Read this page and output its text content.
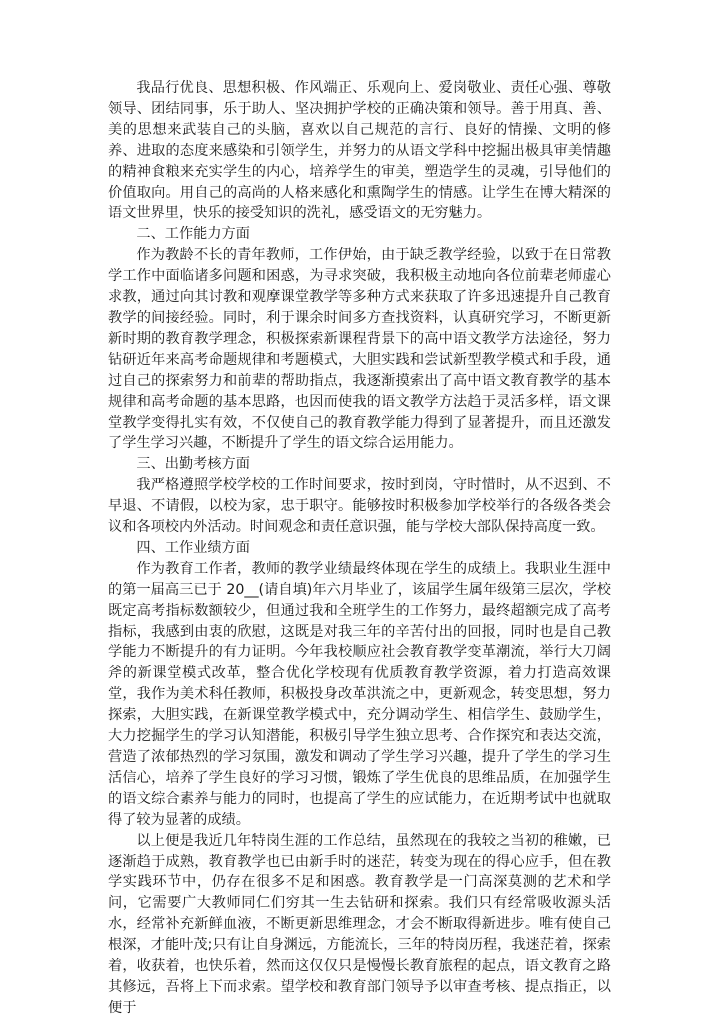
我品行优良、思想积极、作风端正、乐观向上、爱岗敬业、责任心强、尊敬领导、团结同事，乐于助人、坚决拥护学校的正确决策和领导。善于用真、善、美的思想来武装自己的头脑，喜欢以自己规范的言行、良好的情操、文明的修养、进取的态度来感染和引领学生，并努力的从语文学科中挖掘出极具审美情趣的精神食粮来充实学生的内心，培养学生的审美，塑造学生的灵魂，引导他们的价值取向。用自己的高尚的人格来感化和熏陶学生的情感。让学生在博大精深的语文世界里，快乐的接受知识的洗礼，感受语文的无穷魅力。

二、工作能力方面

作为教龄不长的青年教师，工作伊始，由于缺乏教学经验，以致于在日常教学工作中面临诸多问题和困惑，为寻求突破，我积极主动地向各位前辈老师虚心求教，通过向其讨教和观摩课堂教学等多种方式来获取了许多迅速提升自己教育教学的间接经验。同时，利于课余时间多方查找资料，认真研究学习，不断更新新时期的教育教学理念，积极探索新课程背景下的高中语文教学方法途径，努力钻研近年来高考命题规律和考题模式，大胆实践和尝试新型教学模式和手段，通过自己的探索努力和前辈的帮助指点，我逐渐摸索出了高中语文教育教学的基本规律和高考命题的基本思路，也因而使我的语文教学方法趋于灵活多样，语文课堂教学变得扎实有效，不仅使自己的教育教学能力得到了显著提升，而且还激发了学生学习兴趣，不断提升了学生的语文综合运用能力。

三、出勤考核方面

我严格遵照学校学校的工作时间要求，按时到岗，守时惜时，从不迟到、不早退、不请假，以校为家，忠于职守。能够按时积极参加学校举行的各级各类会议和各项校内外活动。时间观念和责任意识强，能与学校大部队保持高度一致。

四、工作业绩方面

作为教育工作者，教师的教学业绩最终体现在学生的成绩上。我职业生涯中的第一届高三已于 20__(请自填)年六月毕业了，该届学生属年级第三层次，学校既定高考指标数额较少，但通过我和全班学生的工作努力，最终超额完成了高考指标，我感到由衷的欣慰，这既是对我三年的辛苦付出的回报，同时也是自己教学能力不断提升的有力证明。今年我校顺应社会教育教学变革潮流，举行大刀阔斧的新课堂模式改革，整合优化学校现有优质教育教学资源，着力打造高效课堂，我作为美术科任教师，积极投身改革洪流之中，更新观念，转变思想，努力探索，大胆实践，在新课堂教学模式中，充分调动学生、相信学生、鼓励学生，大力挖掘学生的学习认知潜能，积极引导学生独立思考、合作探究和表达交流，营造了浓郁热烈的学习氛围，激发和调动了学生学习兴趣，提升了学生的学习生活信心，培养了学生良好的学习习惯，锻炼了学生优良的思维品质，在加强学生的语文综合素养与能力的同时，也提高了学生的应试能力，在近期考试中也就取得了较为显著的成绩。

以上便是我近几年特岗生涯的工作总结，虽然现在的我较之当初的稚嫩，已逐渐趋于成熟，教育教学也已由新手时的迷茫，转变为现在的得心应手，但在教学实践环节中，仍存在很多不足和困惑。教育教学是一门高深莫测的艺术和学问，它需要广大教师同仁们穷其一生去钻研和探索。我们只有经常吸收源头活水，经常补充新鲜血液，不断更新思维理念，才会不断取得新进步。唯有使自己根深，才能叶茂;只有让自身渊远，方能流长，三年的特岗历程，我迷茫着，探索着，收获着，也快乐着，然而这仅仅只是慢慢长教育旅程的起点，语文教育之路其修远，吾将上下而求索。望学校和教育部门领导予以审查考核、提点指正，以便于
